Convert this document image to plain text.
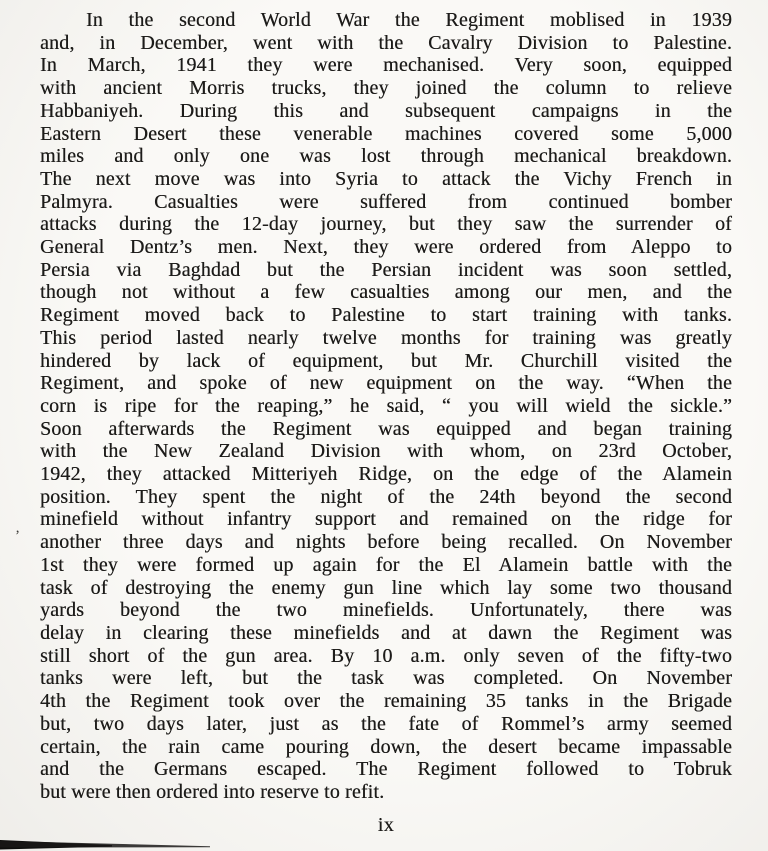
In the second World War the Regiment moblised in 1939
and, in December, went with the Cavalry Division to Palestine.
In March, 1941 they were mechanised. Very soon, equipped
with ancient Morris trucks, they joined the column to relieve
Habbaniyeh. During this and subsequent campaigns in the
Eastern Desert these venerable machines covered some 5,000
miles and only one was lost through mechanical breakdown.
The next move was into Syria to attack the Vichy French in
Palmyra. Casualties were suffered from continued bomber
attacks during the 12-day journey, but they saw the surrender of
General Dentz’s men. Next, they were ordered from Aleppo to
Persia via Baghdad but the Persian incident was soon settled,
though not without a few casualties among our men, and the
Regiment moved back to Palestine to start training with tanks.
This period lasted nearly twelve months for training was greatly
hindered by lack of equipment, but Mr. Churchill visited the
Regiment, and spoke of new equipment on the way. “When the
corn is ripe for the reaping,” he said, “ you will wield the sickle.”
Soon afterwards the Regiment was equipped and began training
with the New Zealand Division with whom, on 23rd October,
1942, they attacked Mitteriyeh Ridge, on the edge of the Alamein
position. They spent the night of the 24th beyond the second
minefield without infantry support and remained on the ridge for
another three days and nights before being recalled. On November
1st they were formed up again for the El Alamein battle with the
task of destroying the enemy gun line which lay some two thousand
yards beyond the two minefields. Unfortunately, there was
delay in clearing these minefields and at dawn the Regiment was
still short of the gun area. By 10 a.m. only seven of the fifty-two
tanks were left, but the task was completed. On November
4th the Regiment took over the remaining 35 tanks in the Brigade
but, two days later, just as the fate of Rommel’s army seemed
certain, the rain came pouring down, the desert became impassable
and the Germans escaped. The Regiment followed to Tobruk
but were then ordered into reserve to refit.
’
ix
